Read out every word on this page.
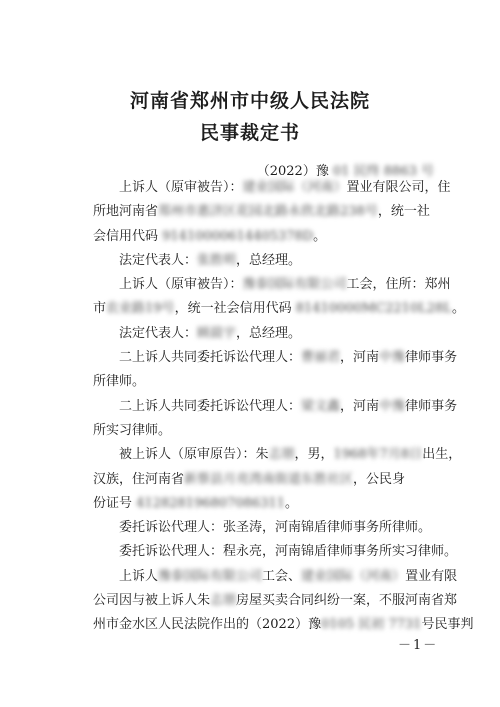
河南省郑州市中级人民法院
民事裁定书
（2022）豫 01 民终 8863 号
上诉人（原审被告）：建业国际（河南）置业有限公司，住
所地河南省郑州市惠济区花园北路永欣北路238号，统一社
会信用代码 91410000614405378D。
法定代表人：张胜明，总经理。
上诉人（原审被告）：豫泰国际有限公司工会，住所：郑州
市农业路19号，统一社会信用代码 81410000MC2210L28L。
法定代表人：顾晨宇，总经理。
二上诉人共同委托诉讼代理人：曹丽君，河南中豫律师事务
所律师。
二上诉人共同委托诉讼代理人：梁文鑫，河南中豫律师事务
所实习律师。
被上诉人（原审原告）：朱志朋，男，1968年7月8日出生，
汉族，住河南省新蔡县月亮湾南街道东胜社区，公民身
份证号 412828196807086311。
委托诉讼代理人：张圣涛，河南锦盾律师事务所律师。
委托诉讼代理人：程永亮，河南锦盾律师事务所实习律师。
上诉人豫泰国际有限公司工会、建业国际（河南）置业有限
公司因与被上诉人朱志朋房屋买卖合同纠纷一案，不服河南省郑
州市金水区人民法院作出的（2022）豫0105 民初 7731号民事判
－1－
